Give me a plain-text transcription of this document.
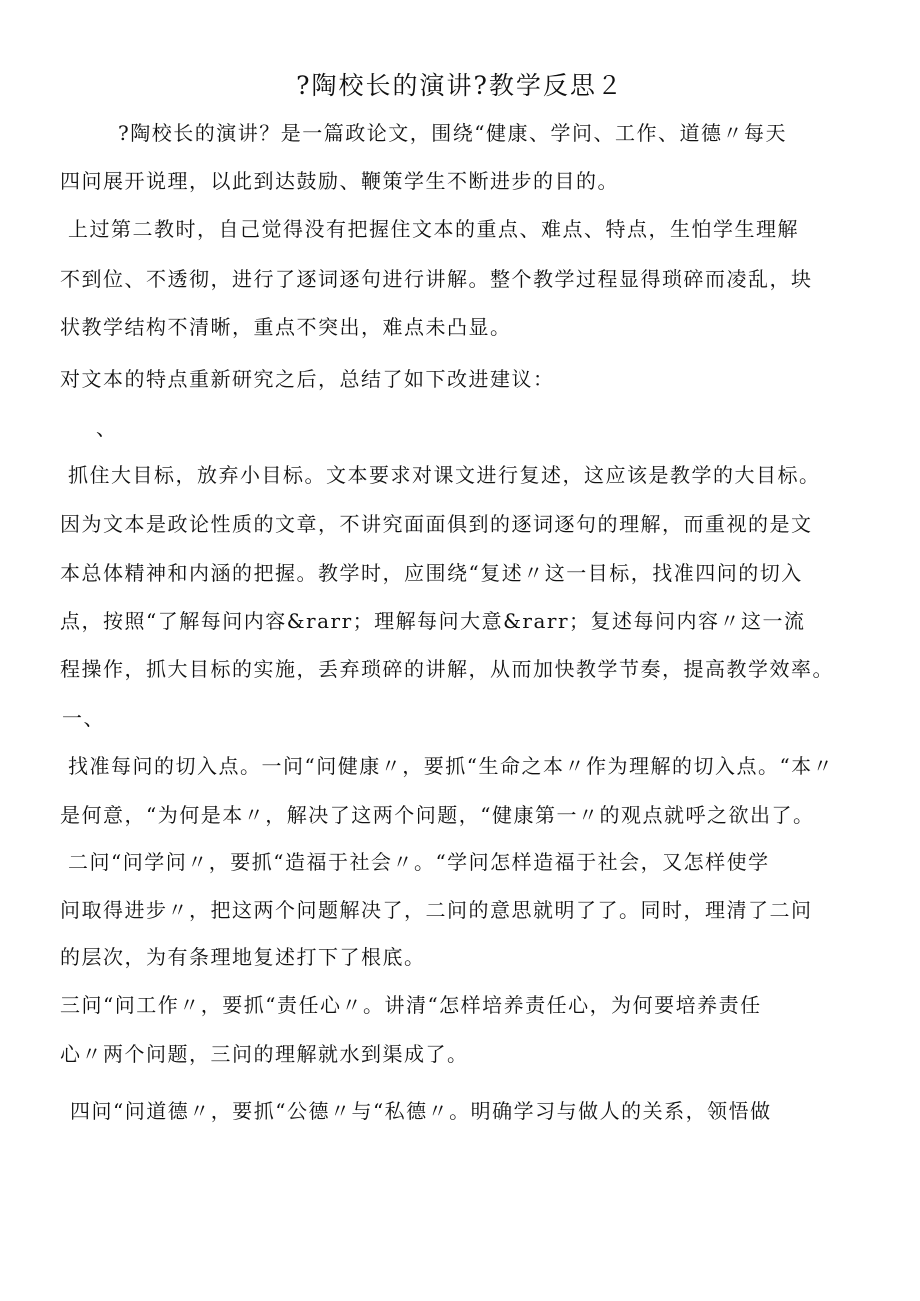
?陶校长的演讲?教学反思２

?陶校长的演讲？是一篇政论文，围绕“健康、学问、工作、道德〃每天

四问展开说理，以此到达鼓励、鞭策学生不断进步的目的。

上过第二教时，自己觉得没有把握住文本的重点、难点、特点，生怕学生理解

不到位、不透彻，进行了逐词逐句进行讲解。整个教学过程显得琐碎而凌乱，块

状教学结构不清晰，重点不突出，难点未凸显。

对文本的特点重新研究之后，总结了如下改进建议：

、

抓住大目标，放弃小目标。文本要求对课文进行复述，这应该是教学的大目标。

因为文本是政论性质的文章，不讲究面面俱到的逐词逐句的理解，而重视的是文

本总体精神和内涵的把握。教学时，应围绕“复述〃这一目标，找准四问的切入

点，按照“了解每问内容&rarr；理解每问大意&rarr；复述每问内容〃这一流

程操作，抓大目标的实施，丢弃琐碎的讲解，从而加快教学节奏，提高教学效率。

一、

找准每问的切入点。一问“问健康〃，要抓“生命之本〃作为理解的切入点。“本〃

是何意，“为何是本〃，解决了这两个问题，“健康第一〃的观点就呼之欲出了。

二问“问学问〃，要抓“造福于社会〃。“学问怎样造福于社会，又怎样使学

问取得进步〃，把这两个问题解决了，二问的意思就明了了。同时，理清了二问

的层次，为有条理地复述打下了根底。

三问“问工作〃，要抓“责任心〃。讲清“怎样培养责任心，为何要培养责任

心〃两个问题，三问的理解就水到渠成了。

四问“问道德〃，要抓“公德〃与“私德〃。明确学习与做人的关系，领悟做
